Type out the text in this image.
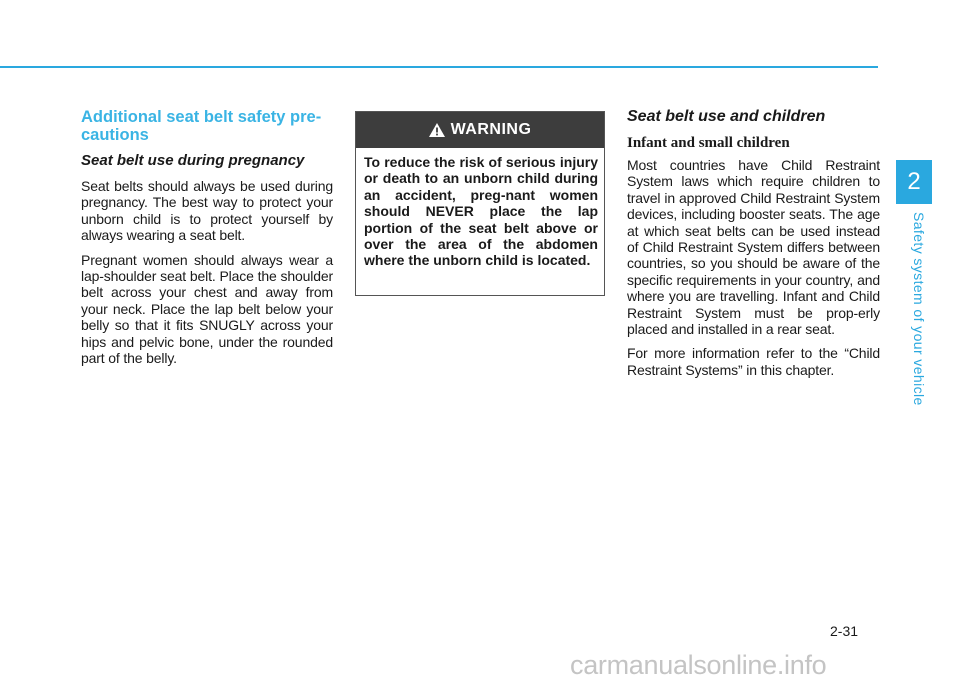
2
Safety system of your vehicle
Additional seat belt safety pre-cautions
Seat belt use during pregnancy

Seat belts should always be used during pregnancy. The best way to protect your unborn child is to protect yourself by always wearing a seat belt.

Pregnant women should always wear a lap-shoulder seat belt. Place the shoulder belt across your chest and away from your neck. Place the lap belt below your belly so that it fits SNUGLY across your hips and pelvic bone, under the rounded part of the belly.

WARNING
To reduce the risk of serious injury or death to an unborn child during an accident, preg-nant women should NEVER place the lap portion of the seat belt above or over the area of the abdomen where the unborn child is located.
Seat belt use and children
Infant and small children

Most countries have Child Restraint System laws which require children to travel in approved Child Restraint System devices, including booster seats. The age at which seat belts can be used instead of Child Restraint System differs between countries, so you should be aware of the specific requirements in your country, and where you are travelling. Infant and Child Restraint System must be prop-erly placed and installed in a rear seat.

For more information refer to the “Child Restraint Systems” in this chapter.

2-31
carmanualsonline.info
